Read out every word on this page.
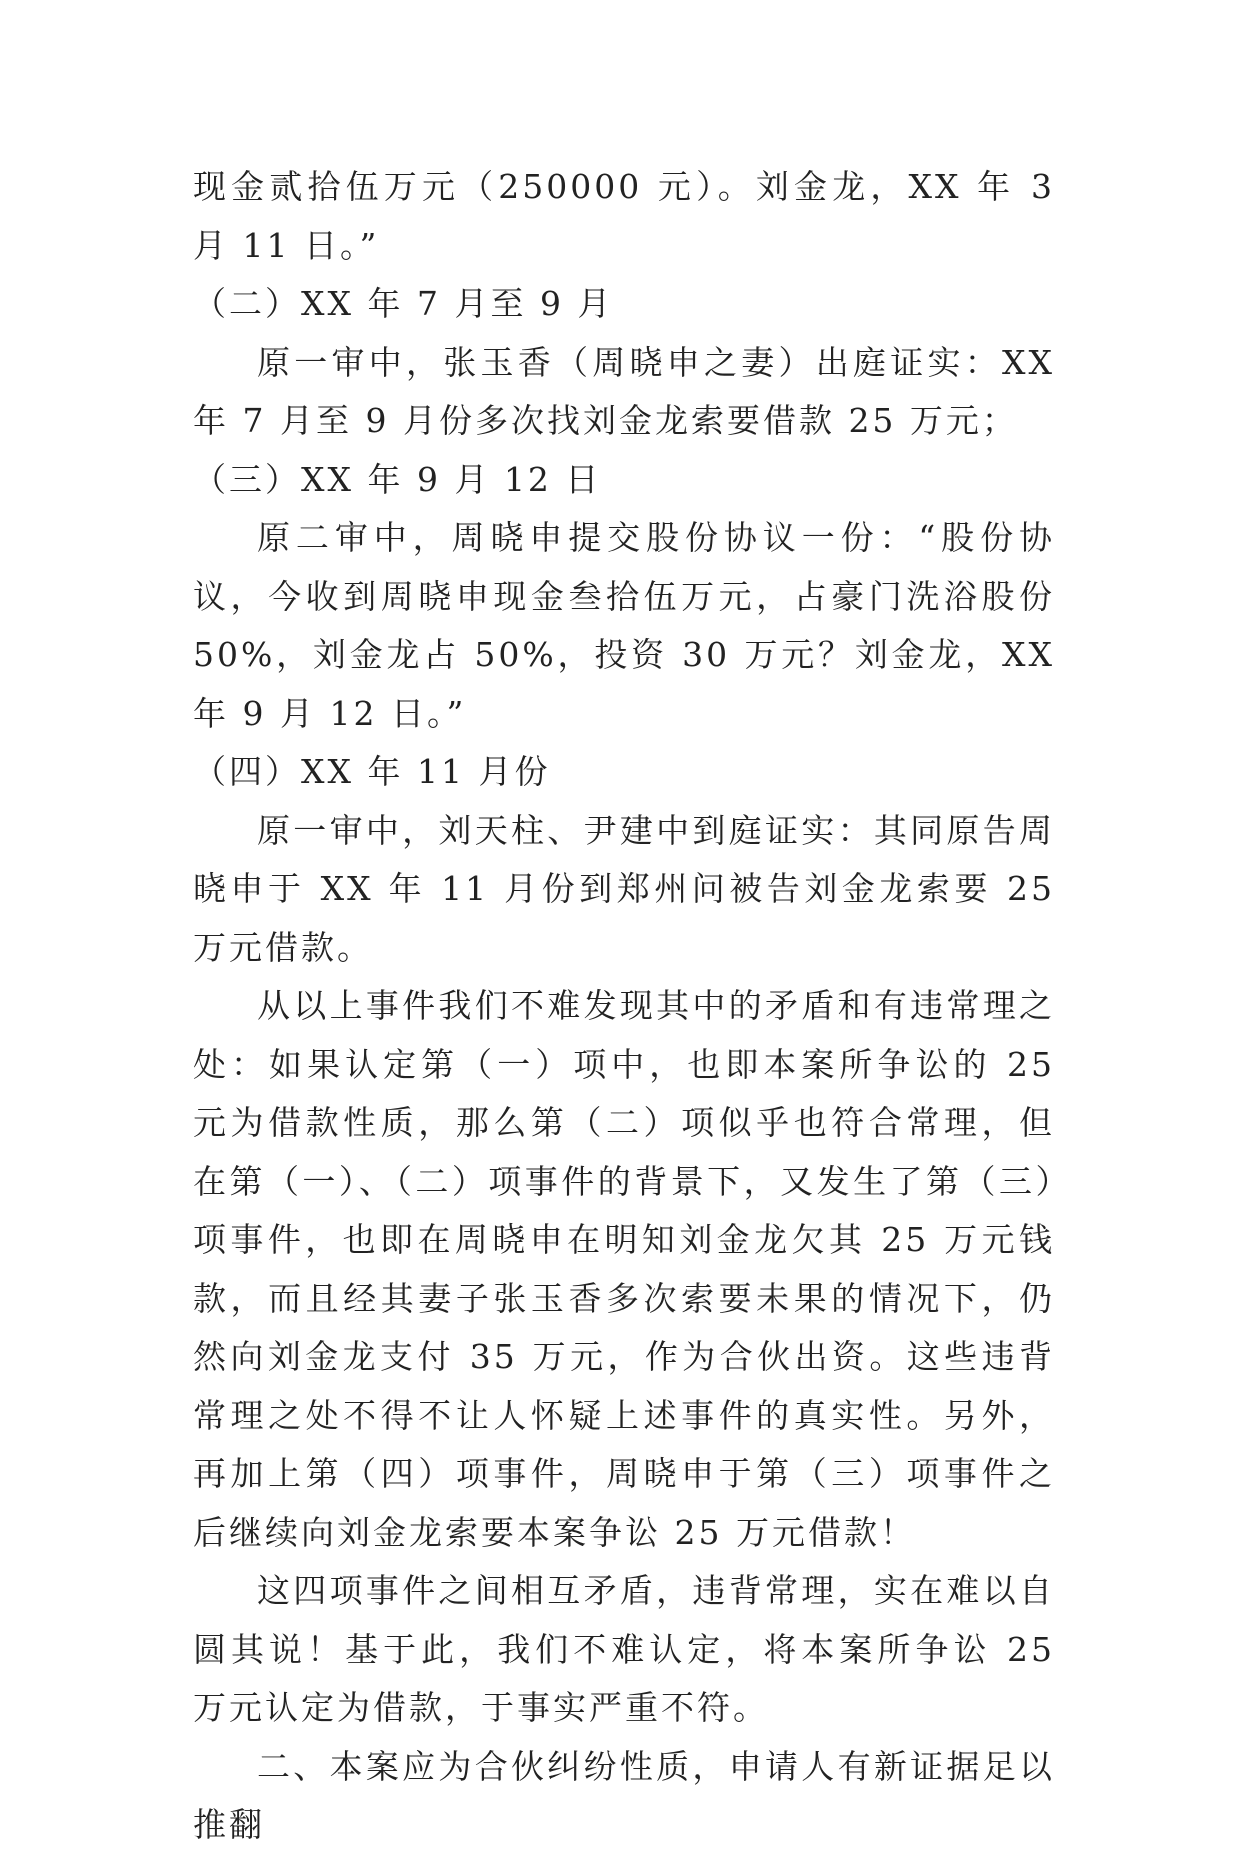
现金贰拾伍万元（250000 元）。刘金龙，XX 年 3 月 11 日。”

（二）XX 年 7 月至 9 月

原一审中，张玉香（周晓申之妻）出庭证实：XX 年 7 月至 9 月份多次找刘金龙索要借款 25 万元；

（三）XX 年 9 月 12 日

原二审中，周晓申提交股份协议一份：“股份协议，今收到周晓申现金叁拾伍万元，占豪门洗浴股份 50%，刘金龙占 50%，投资 30 万元？刘金龙，XX 年 9 月 12 日。”

（四）XX 年 11 月份

原一审中，刘天柱、尹建中到庭证实：其同原告周晓申于 XX 年 11 月份到郑州问被告刘金龙索要 25 万元借款。

从以上事件我们不难发现其中的矛盾和有违常理之处：如果认定第（一）项中，也即本案所争讼的 25 元为借款性质，那么第（二）项似乎也符合常理，但在第（一）、（二）项事件的背景下，又发生了第（三）项事件，也即在周晓申在明知刘金龙欠其 25 万元钱款，而且经其妻子张玉香多次索要未果的情况下，仍然向刘金龙支付 35 万元，作为合伙出资。这些违背常理之处不得不让人怀疑上述事件的真实性。另外，再加上第（四）项事件，周晓申于第（三）项事件之后继续向刘金龙索要本案争讼 25 万元借款！

这四项事件之间相互矛盾，违背常理，实在难以自圆其说！基于此，我们不难认定，将本案所争讼 25 万元认定为借款，于事实严重不符。

二、本案应为合伙纠纷性质，申请人有新证据足以推翻
